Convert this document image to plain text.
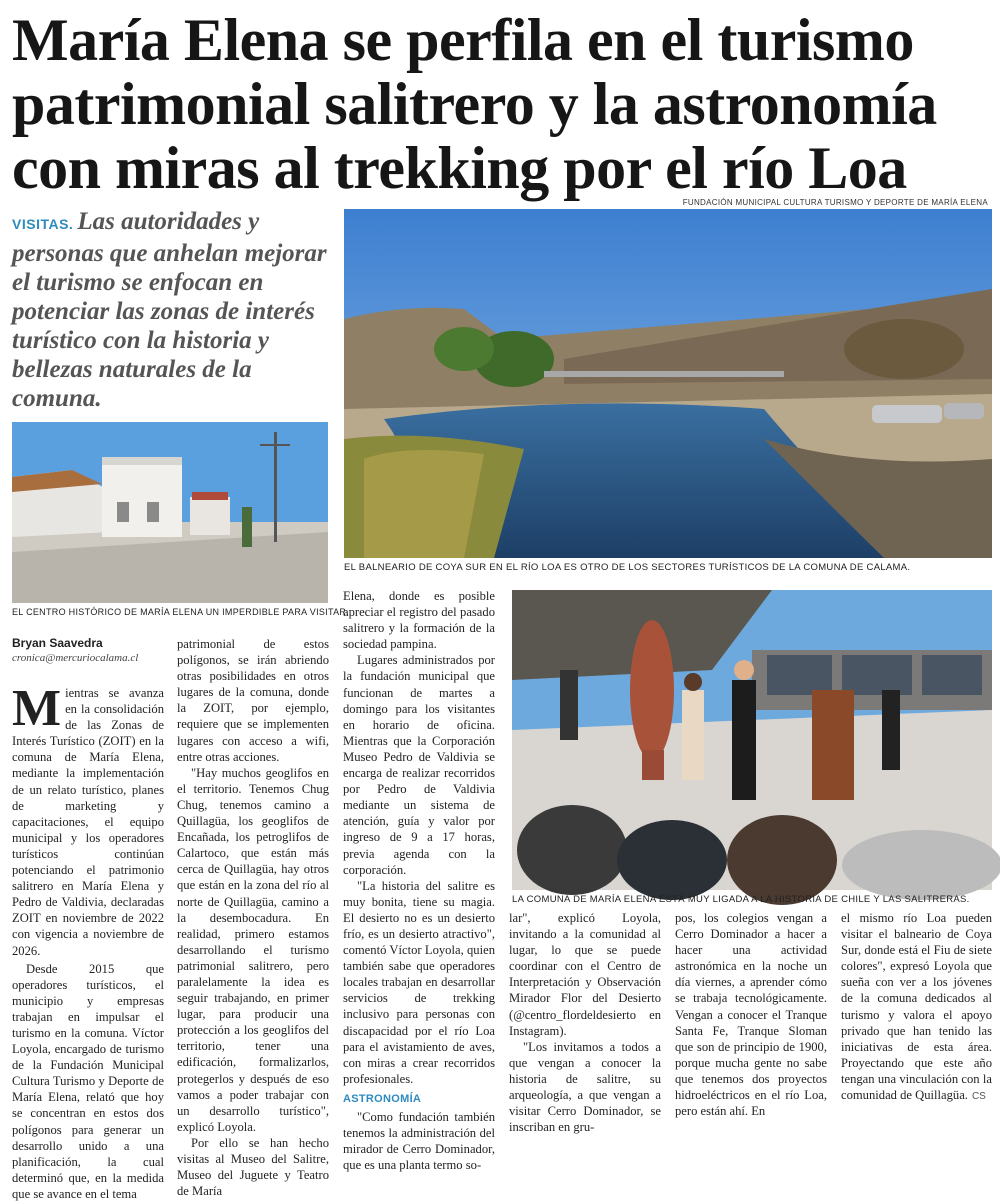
María Elena se perfila en el turismo
patrimonial salitrero y la astronomía
con miras al trekking por el río Loa
VISITAS. Las autoridades y personas que anhelan mejorar el turismo se enfocan en potenciar las zonas de interés turístico con la historia y bellezas naturales de la comuna.
FUNDACIÓN MUNICIPAL CULTURA TURISMO Y DEPORTE DE MARÍA ELENA
EL BALNEARIO DE COYA SUR EN EL RÍO LOA ES OTRO DE LOS SECTORES TURÍSTICOS DE LA COMUNA DE CALAMA.
EL CENTRO HISTÓRICO DE MARÍA ELENA UN IMPERDIBLE PARA VISITAR.
LA COMUNA DE MARÍA ELENA ESTÁ MUY LIGADA A LA HISTORIA DE CHILE Y LAS SALITRERAS.
Bryan Saavedra
cronica@mercuriocalama.cl

Mientras se avanza en la consolidación de las Zonas de Interés Turístico (ZOIT) en la comuna de María Elena, mediante la implementación de un relato turístico, planes de marketing y capacitaciones, el equipo municipal y los operadores turísticos continúan potenciando el patrimonio salitrero en María Elena y Pedro de Valdivia, declaradas ZOIT en noviembre de 2022 con vigencia a noviembre de 2026.

Desde 2015 que operadores turísticos, el municipio y empresas trabajan en impulsar el turismo en la comuna. Víctor Loyola, encargado de turismo de la Fundación Municipal Cultura Turismo y Deporte de María Elena, relató que hoy se concentran en estos dos polígonos para generar un desarrollo unido a una planificación, la cual determinó que, en la medida que se avance en el tema

patrimonial de estos polígonos, se irán abriendo otras posibilidades en otros lugares de la comuna, donde la ZOIT, por ejemplo, requiere que se implementen lugares con acceso a wifi, entre otras acciones.

"Hay muchos geoglifos en el territorio. Tenemos Chug Chug, tenemos camino a Quillagüa, los geoglifos de Encañada, los petroglifos de Calartoco, que están más cerca de Quillagüa, hay otros que están en la zona del río al norte de Quillagüa, camino a la desembocadura. En realidad, primero estamos desarrollando el turismo patrimonial salitrero, pero paralelamente la idea es seguir trabajando, en primer lugar, para producir una protección a los geoglifos del territorio, tener una edificación, formalizarlos, protegerlos y después de eso vamos a poder trabajar con un desarrollo turístico", explicó Loyola.

Por ello se han hecho visitas al Museo del Salitre, Museo del Juguete y Teatro de María

Elena, donde es posible apreciar el registro del pasado salitrero y la formación de la sociedad pampina.

Lugares administrados por la fundación municipal que funcionan de martes a domingo para los visitantes en horario de oficina. Mientras que la Corporación Museo Pedro de Valdivia se encarga de realizar recorridos por Pedro de Valdivia mediante un sistema de atención, guía y valor por ingreso de 9 a 17 horas, previa agenda con la corporación.

"La historia del salitre es muy bonita, tiene su magia. El desierto no es un desierto frío, es un desierto atractivo", comentó Víctor Loyola, quien también sabe que operadores locales trabajan en desarrollar servicios de trekking inclusivo para personas con discapacidad por el río Loa para el avistamiento de aves, con miras a crear recorridos profesionales.

ASTRONOMÍA

"Como fundación también tenemos la administración del mirador de Cerro Dominador, que es una planta termo so-

lar", explicó Loyola, invitando a la comunidad al lugar, lo que se puede coordinar con el Centro de Interpretación y Observación Mirador Flor del Desierto (@centro_flordeldesierto en Instagram).

"Los invitamos a todos a que vengan a conocer la historia de salitre, su arqueología, a que vengan a visitar Cerro Dominador, se inscriban en gru-

pos, los colegios vengan a Cerro Dominador a hacer a hacer una actividad astronómica en la noche un día viernes, a aprender cómo se trabaja tecnológicamente. Vengan a conocer el Tranque Santa Fe, Tranque Sloman que son de principio de 1900, porque mucha gente no sabe que tenemos dos proyectos hidroeléctricos en el río Loa, pero están ahí. En

el mismo río Loa pueden visitar el balneario de Coya Sur, donde está el Fiu de siete colores", expresó Loyola que sueña con ver a los jóvenes de la comuna dedicados al turismo y valora el apoyo privado que han tenido las iniciativas de esta área. Proyectando que este año tengan una vinculación con la comunidad de Quillagüa. CS
